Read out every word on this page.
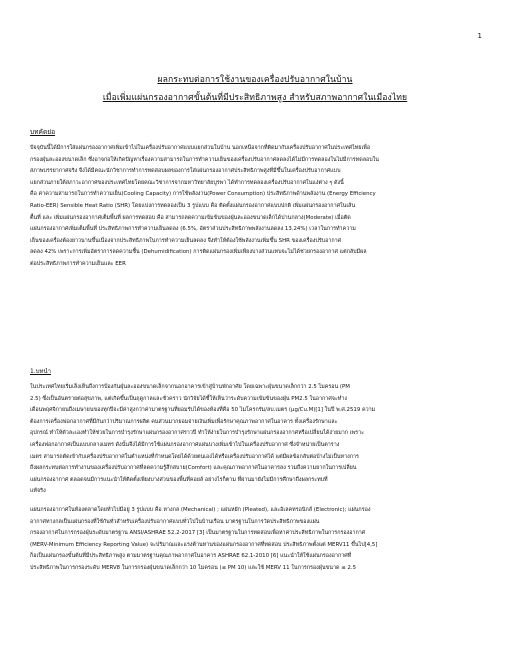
1
ผลกระทบต่อการใช้งานของเครื่องปรับอากาศในบ้าน
เมื่อเพิ่มแผ่นกรองอากาศขั้นต้นที่มีประสิทธิภาพสูง สำหรับสภาพอากาศในเมืองไทย

บทคัดย่อ

ปัจจุบันนี้ได้มีการใส่แผ่นกรองอากาศเพิ่มเข้าไปในเครื่องปรับอากาศแบบแยกส่วนในบ้าน นอกเหนือจากที่ติดมากับเครื่องปรับอากาศในประเทศไทยเพื่อ

กรองฝุ่นละอองขนาดเล็ก ซึ่งอาจก่อให้เกิดปัญหาเรื่องความสามารถในการทำความเย็นของเครื่องปรับอากาศลดลงได้ไม่มีการทดลองในไม่มีการทดลอบใน

สภาพบรรยากาศจริง จึงได้มีคณะนักวิชาการทำการทดสอบผลของการใส่แผ่นกรองอากาศประสิทธิภาพสูงที่มีขึ้นในเครื่องปรับอากาศแบบ

แยกส่วนภายใต้สภาวะอากาศของประเทศไทยโดยคณะวิชาการจากมหาวิทยาลัยบูรพา ได้ทำการทดลองเครื่องปรับอากาศในแง่ต่าง ๆ ดังนี้

คือ ค่าความสามารถในการทำความเย็น(Cooling Capacity) การใช้พลังงาน(Power Consumption) ประสิทธิภาพด้านพลังงาน (Energy Efficiency

Ratio-EER) Sensible Heat Ratio (SHR) โดยแบ่งการทดลองเป็น 3 รูปแบบ คือ ติดตั้งแผ่นกรองอากาศแบบปกติ เพิ่มแผ่นกรองอากาศในเส้น

ตื้นที่ และ เพิ่มแผ่นกรองอากาศเต็มพื้นที่ ผลการทดสอบ คือ สามารถลดความเข้มข้นของฝุ่นละอองขนาดเล็กได้ปานกลาง(Moderate) เมื่อติด

แผ่นกรองอากาศเพิ่มเต็มพื้นที่ ประสิทธิภาพการทำความเย็นลดลง (6.5%, อัตราส่วนประสิทธิภาพพลังงานลดลง 13.24%) เวลาในการทำความ

เย็นของเครื่องต้องยาวนานขึ้นเนื่องจากประสิทธิภาพในการทำความเย็นลดลง จึงทำให้ต้องใช้พลังงานเพิ่มขึ้น SHR ของเครื่องปรับอากาศ

ลดลง 42% เพราะการเพิ่มอัตราการลดความชื้น (Dehumidification) การติดแผ่นกรองเพิ่มเพียงบางส่วนแทบจะไม่ได้ช่วยกรองอากาศ แต่กลับมีผล

ต่อประสิทธิภาพการทำความเย็นและ EER

1.บทนำ

ในประเทศไทยเริ่มเล็งเห็นถึงการป้องกันฝุ่นละอองขนาดเล็กจากนอกอาคารเข้าสู่บ้านพักอาศัย โดยเฉพาะฝุ่นขนาดเล็กกว่า 2.5 ไมครอน (PM

2.5) ซึ่งเป็นอันตรายต่อสุขภาพ, แต่เกิดขึ้นเป็นฤดูกาลและชั่วคราว นักวิจัยได้ชี้ให้เห็นว่าระดับความเข้มข้นของฝุ่น PM2.5 ในอากาศจะทำง

เดือนพฤศจิกายนถึงเมษายนของทุกปีจะมีค่าสูงกว่าค่ามาตรฐานที่ยอมรับได้ของห้องที่คือ 50 ไมโครกรัม/ลบ.เมตร (µg/Cu.M)[1] ในปี พ.ศ.2519 ความ

ต้องการเครื่องฟอกอากาศที่มีกันกว่าปริมาณการผลิต คนส่วนมากยอมจ่ายเงินเพิ่มเพื่อรักษาคุณภาพอากาศในอาคาร ทั้งเครื่องรักษาและ

อุปกรณ์ ทำให้ตัวละเองทำให้ช่วยในการบำรุงรักษาแผ่นกรองอากาศราวปี ทำให้ง่ายในการบำรุงรักษาแผ่นกรองอากาศหรือเปลี่ยนได้ง่ายมาก เพราะ

เครื่องฟอกอากาศเป็นแบบกลางเมทร ดังนั้นจึงได้มีการใช้แผ่นกรองอากาศแผ่นบางเพิ่มเข้าไปในเครื่องปรับอากาศ ซึ่งจำหน่ายเป็นตาราง

เมตร สามารถตัดเข้ากับเครื่องปรับอากาศในตำแหน่งที่กำหนดโดยได้ด้วยตนเองได้หรือเครื่องปรับอากาศได้ แต่มีผลข้อกลับต่อบ้างไม่เป็นทางการ

ถึงผลกระทบต่อการทำงานของเครื่องปรับอากาศที่ลดความรู้สึกสบาย(Comfort) และคุณภาพอากาศในอาคารลง รวมถึงความยากในการเปลี่ยน

แผ่นกรองอากาศ ตลอดจนมีการแนะนำให้ติดตั้งเพียงบางส่วนของพื้นที่คอยล์ อย่างไรก็ตาม ที่ผ่านมายังไม่มีการศึกษาถึงผลกระทบที่

แท้จริง

แผ่นกรองอากาศในท้องตลาดโดยทั่วไปมีอยู่ 3 รูปแบบ คือ หางกล (Mechanical) ; แผ่นหยัก (Pleated), และอิเลคทรอนิกส์ (Electronic); แผ่นกรอง

อากาศทางกลเป็นแผ่นกรองที่ใช้กันทั่วสำหรับเครื่องปรับอากาศแบบทั่วไปในบ้านเรือน มาตรฐานในการวัดประสิทธิภาพของแผ่น

กรองอากาศในการกรองฝุ่นระดับมาตรฐาน ANSI/ASHRAE 52.2-2017 [3] เป็นมาตรฐานในการทดสอบเพื่อหาค่าประสิทธิภาพในการกรองอากาศ

(MERV-Minimum Efficiency Reporting Value) จะปริมาณและแรงต้านทานของแผ่นกรองอากาศที่ทดสอบ ประสิทธิภาพตั้งแต่ MERV11 ขึ้นไป[4,5]

ก็อเป็นแผ่นกรองขั้นต้นที่มีประสิทธิภาพสูง ตามมาตรฐานคุณภาพอากาศในอาคาร ASHRAE 62.1-2010 [6] แนะนำให้ใช้แผ่นกรองอากาศที่

ประสิทธิภาพในการกรองระดับ MERV8 ในการกรองฝุ่นขนาดเล็กกว่า 10 ไมครอน (≤ PM 10) และใช้ MERV 11 ในการกรองฝุ่นขนาด ≤ 2.5
